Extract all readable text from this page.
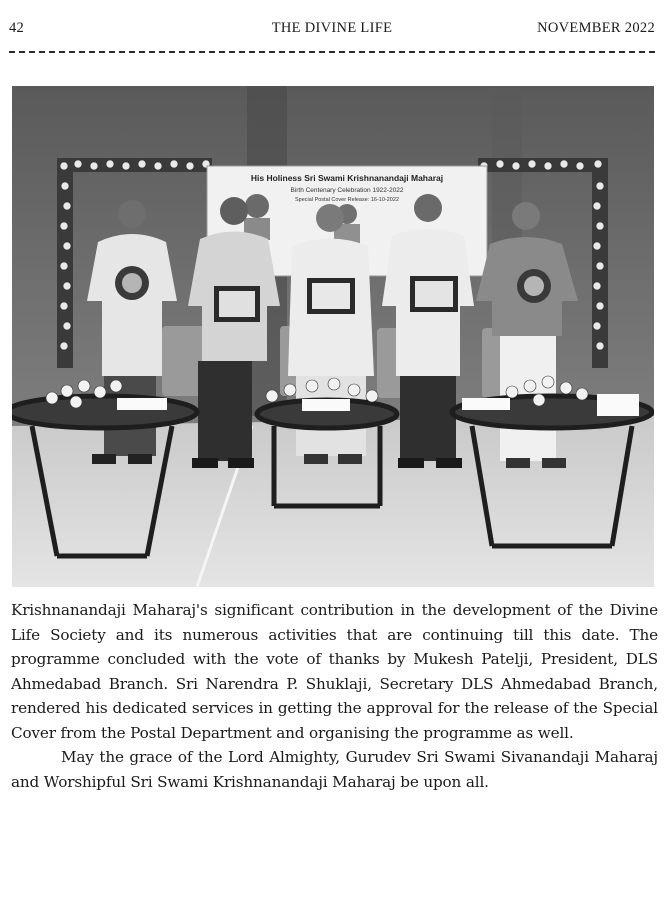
42	THE DIVINE LIFE	NOVEMBER 2022
His Holiness Sri Swami Krishnanandaji Maharaj
Birth Centenary Celebration 1922-2022
Special Postal Cover Release: 16-10-2022

Krishnanandaji Maharaj's significant contribution in the development of the Divine Life Society and its numerous activities that are continuing till this date. The programme concluded with the vote of thanks by Mukesh Patelji, President, DLS Ahmedabad Branch. Sri Narendra P. Shuklaji, Secretary DLS Ahmedabad Branch, rendered his dedicated services in getting the approval for the release of the Special Cover from the Postal Department and organising the programme as well.

May the grace of the Lord Almighty, Gurudev Sri Swami Sivanandaji Maharaj and Worshipful Sri Swami Krishnanandaji Maharaj be upon all.
